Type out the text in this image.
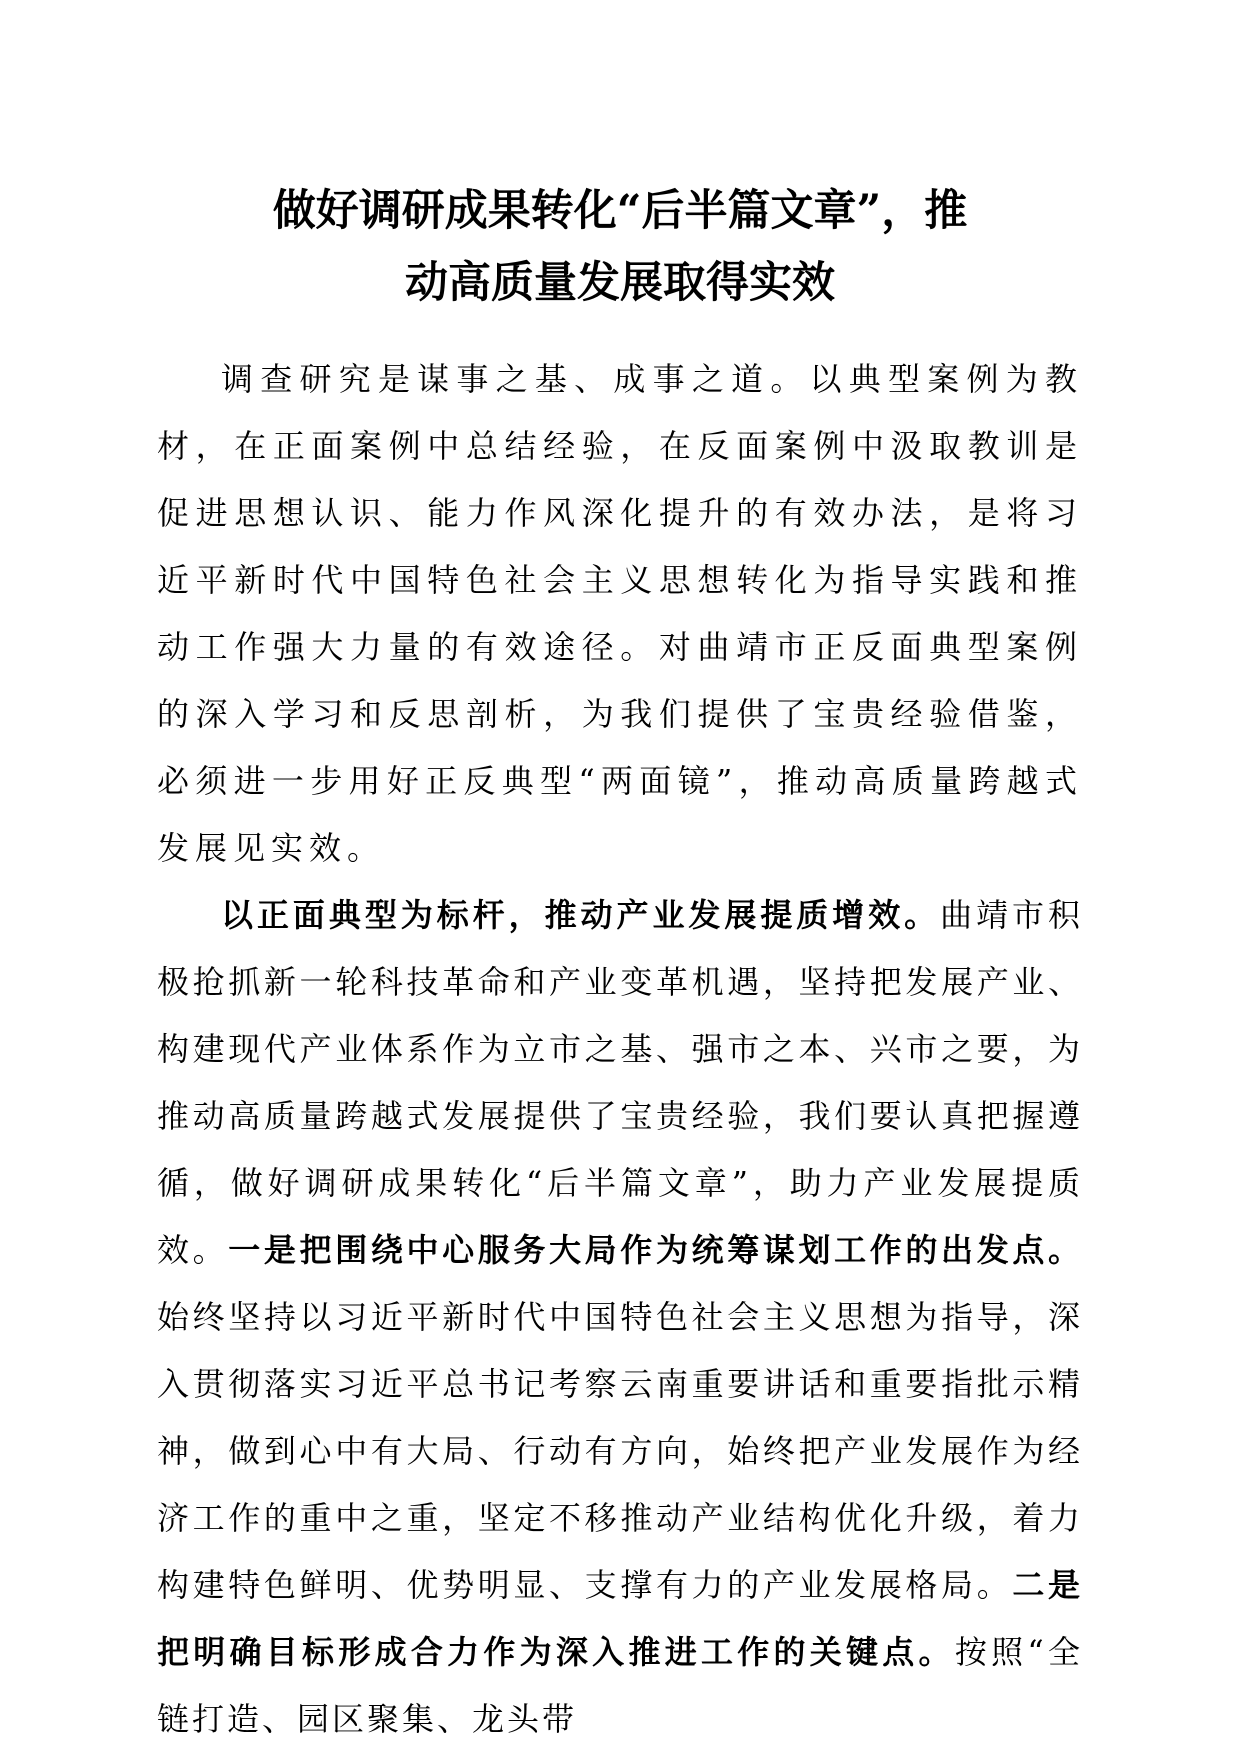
做好调研成果转化“后半篇文章”，推
动高质量发展取得实效

调查研究是谋事之基、成事之道。以典型案例为教材，在正面案例中总结经验，在反面案例中汲取教训是促进思想认识、能力作风深化提升的有效办法，是将习近平新时代中国特色社会主义思想转化为指导实践和推动工作强大力量的有效途径。对曲靖市正反面典型案例的深入学习和反思剖析，为我们提供了宝贵经验借鉴，必须进一步用好正反典型“两面镜”，推动高质量跨越式发展见实效。

以正面典型为标杆，推动产业发展提质增效。曲靖市积极抢抓新一轮科技革命和产业变革机遇，坚持把发展产业、构建现代产业体系作为立市之基、强市之本、兴市之要，为推动高质量跨越式发展提供了宝贵经验，我们要认真把握遵循，做好调研成果转化“后半篇文章”，助力产业发展提质效。一是把围绕中心服务大局作为统筹谋划工作的出发点。始终坚持以习近平新时代中国特色社会主义思想为指导，深入贯彻落实习近平总书记考察云南重要讲话和重要指批示精神，做到心中有大局、行动有方向，始终把产业发展作为经济工作的重中之重，坚定不移推动产业结构优化升级，着力构建特色鲜明、优势明显、支撑有力的产业发展格局。二是把明确目标形成合力作为深入推进工作的关键点。按照“全链打造、园区聚集、龙头带
